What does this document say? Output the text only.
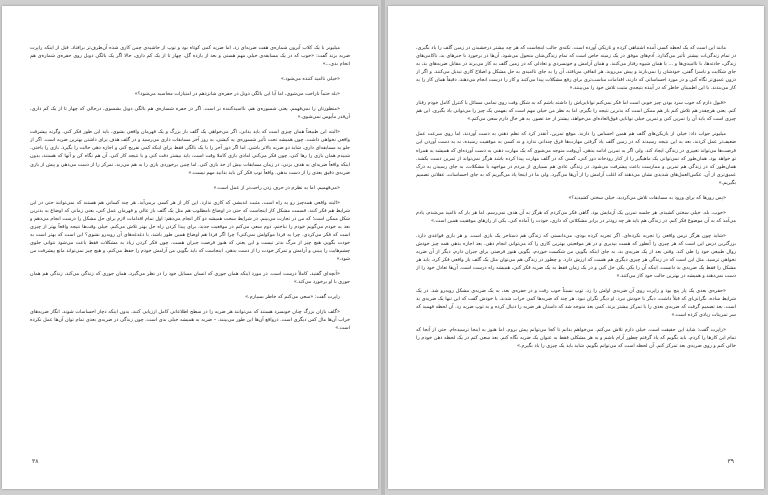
میلیونر با یک کلاب آیرون شماره‌ی هفت ضربه‌ای زد، اما ضربه کمی کوتاه بود و توپ از حاشیه‌ی چمن کاری شده آن‌طرف‌تر برافتاد. قبل از اینکه راپرت ضربه بزند گفت: «خوب که در یک مسابقه‌ی خیلی مهم هستی و بعد از یازده گل، چهار تا از یک کم داری، حالا اگر یک بالگی دوبل روی حفره‌ی شماره‌ی هم انجام بدی...»

«خیلی ناامید کننده می‌شود.»

«بله حتماً ناراحت می‌شوی، اما آیا این بالگی دوبل در حفره‌ی شانزدهم در امتیازات محاسبه می‌شود؟»

«منظورتان را نمی‌فهمم. یعنی شسوره‌ی هم، نااسیدکننده تر است. اگر در حفره شساره‌ی هم بالگی دوبل بشسوی، درحالی که چهار تا از یک کم داری، آن‌قدر مأیوس نمی‌شوی.»

«البته این طبیعتاً همان چیزی است که باید بدانی. اگر می‌خواهی یک گلف باز بزرگ و یک قهرمان واقعی بشوی، باید این طور فکر کنی. وگرنه پیشرفت واقعی نخواهی داشت. چون همیشه تحت تأثیر شسوره‌ی یه کیشی، به روز آخر مسابقات داری می‌رسید و در گلف هدف برای داشتن بهترین ضربه است. اگر از جلو به مسابقه‌ای داری، شاید دو ضربه بالاتر باشی. اما اگر دور آخر را با یک بالگی فقط برای اینکه کمی تفریح کنی و اجازه دهی حالت را بگیرد. بازی را باختی. شنیدم همان بازی را رها کنی، چون فکر می‌کنی امادی بازی کاملا وقت است، باید بیشتر دقت کنی و با نتیجه کار کنی. آن هم نگاه کن و آنها که هستند، بدون اینکه واقعاً ضربه‌ای به هدف بزنی، در زمان مسابقات بیش از حد بازی کنی. اما چنین برخوردی بازی را به هم می‌زند. تمرکز را از دست می‌دهی و پیش از بازی ضربه‌ی دقیق بعدی را از دست بدهی. واقعاً توپ فکر کن باید بدانید مهم نیست.»

«می‌فهمیم. اما به نظرم در حرف زدن راحت‌تر از عمل است.»

«البته واقعی همه‌چیز رو به راه است، مثبت اندیشی که کاری ندارد. این کار از هر کسی برمی‌آید. هر چند کسانی هم هستند که نمی‌توانند حتی در این شرایط هم فکر کنند. قسمت مشکل کار اینجاست که حتی در اوضاع نامطلوب هم مثل یک گلف باز عالی و قهرمان عمل کنی، یعنی زمانی که اوضاع به بدترین شکل ممکن است؛ که من در تجارت می‌بینم. در شرایط سخت همیشه دو کار انجام می‌دهم: اول تمام اقدامات لازم برای حل مشکل را درست انجام می‌دهم و بعد به خودم می‌گویم خودم را نباختم، دوم سعی می‌کنم در موقعیت جدید، برای پیدا کردن راه حل بهتر تلاش می‌کنم. خیلی وقت‌ها نتیجه واقعاً بهتر از چیزی است که فکر می‌کردی. چرا به فردا موکولش نمی‌کنی؟ چرا اگر فردا هم اوضاع همین طور باشد، با دغدغه‌های آن روبه‌رو نشوی؟ این است که بهتر است به خودت بگویی هیچ چیز از مرگ بدتر نیست و این یعنی که هنوز فرصت جبران هست. چون فکر کردن زیاد به مشکلات فقط باعث می‌شود نتوانی جلوی چشم‌هایت را ببینی و آرامش و تمرکز خودت را از دست بدهی. اینجاست که باید بگویی من آرامش خودم را حفظ می‌کنم، و هیچ چیز نمی‌تواند مانع پیشرفت من شود.»

«آنچه‌ای گفتید، کاملاً درست است. در مورد اینکه همان جوری که انسان مسایل خود را در نظر می‌گیرد، همان جوری که زندگی می‌کند، زندگی هم همان جوری با او برخورد می‌کند.»

راپرت گفت: «سعی می‌کنم که خاطر بسپارم.»

«گلف بازان بزرگ چنان خونسرد هستند که می‌توانند هر ضربه را در سطح اطلاعاتی کامل ارزیابی کنند، بدون اینکه دچار احساسات شوند. انگار ضربه‌های خراب آن‌ها مال کس دیگری است. درواقع آن‌ها این طور می‌بینند. – ضربه به همیشه خیلی بدی است. چون زندگی در ضربه‌ی بعدی تمام توان آن‌ها عمل نکرده است.»

۳۸

مانند این است که یک لحظه کسی آمده اشتباهی کرده و تاریکی آورده است. تکنه‌ی جالب اینجاست که هر چه بیشتر درخشیدن در زمین گلف را یاد بگیری، در تمام زندگی‌ات بیشتر تأثیر می‌گذارد. آدم‌های موفق در یک زمینه خاص است که تمام زندگی‌شان متحول می‌شود. آن‌ها در برخورد با خبرهای بد، ناکامی‌های زندگی، حادثه‌ها، با ناامیدی‌ها و ... با همان شیوه رفتار می‌کنند. و همان آرامش و خونسردی و تعادلی که در زمین گلف به کار می‌برند در مقابل ضربه‌های بد، به جای شکایت و ناسزا گفتن، خودشان را نمی‌بازند و پیش می‌روند. هر اتفاقی می‌افتد، آن را به جای ناامیدی به حل مشکل و اصلاح کاری تبدیل می‌کنند. و اگر از درون عمیق‌تر نگاه کنی و در مورد احساساتی که دارند، اقدامات مناسب‌تری برای رفع مشکلات پیدا می‌کنند و کار را درست انجام می‌دهند. دقیقاً همان کار را به کار می‌بندند. با این اطمینان خاطر که در آینده نتیجه‌ی مثبت تلاش خود را می‌بینند.»

«قبول دارم که خوب سرد بودن چیز خوبی است اما فکر نمی‌کنم توانایی‌اش را داشته باشم که به شکل وقت روی تمامی مسائل با کنترل کامل خودم رفتار کنم. یعنی هرچقدر هم تلاش کنم باز هم ممکن است که بدترین نتیجه را بگیرم. اما به نظر من خیلی مهم است که بفهمی یک چیز را می‌توانی یاد بگیری. این هم چیزی است که باید آن را تمرین کنی و تمرین خیلی توانایی فوق‌العاده‌ای می‌خواهد، بیشتر از حد تصور. به هر حال دارم سعی می‌کنم.»

میلیونر جواب داد: خیلی از بازیکن‌های گلف هم همین احساس را دارند. موقع تمرین، آنقدر کرد که نظم ذهنی به دست آوردند، اما روی سرعت عمل ضعیف‌تر عمل کردند، بعد به این نتیجه رسیدند که در زمین گلف یاد گرفتن مهارت‌ها فرق چندانی ندارد و نه کسی به موفقیت رسیده، نه به دست آوردن این فرصت‌ها می‌تواند تغییری در زندگی ایجاد کند. ولی اگر به تمرین ادامه بدهی، آن‌وقت متوجه می‌شوی که یک مهارت ذهنی به دست آورده‌ای که همیشه به همراه تو خواهد بود. همان‌طور که نمی‌توانی یک ماهیگیر را از کنار رودخانه دور کنی، کسی که در گلف مهارت پیدا کرده باشد هرگز نمی‌تواند از تمرین دست بکشد. همان‌طور که در زندگی هم تمرین و ممارست باعث پیشرفت می‌شود. در زندگی عادی هم بسیاری از مردم در مواجهه با مشکلات، به جای رسیدن به درک عمیق‌تری از آن، عکس‌العمل‌های شدیدی نشان می‌دهند که اغلب آرامش را از آن‌ها می‌گیرد. ولی ما در اینجا یاد می‌گیریم که به جای احساسات، عقلانی تصمیم بگیریم.»

«پس رورها که برای ورود به مسابقات تلاش می‌کردید، خیلی سختی کشیدید؟»

«خوب، بله. خیلی سختی کشیدم. هر جلسه تمرین یک آزمایش بود. گاهی فکر می‌کردم که هرگز به آن هدف نمی‌رسم. اما هر بار که ناامید می‌شدم، یادم می‌آمد که به آن موضوع فکر کنم. در زندگی هم باید هر چه زودتر در برابر مشکلاتی که داری، خودت را آماده کنی. یکی از رازهای موفقیت همین است.»

«شاید چون هرگز ترس واقعی را تجربه نکرده‌ای. اگر تجربه کرده بودی، می‌دانستی که زندگی هم دستاخر یک بازی است. و هر بازی قواعدی دارد. بزرگترین درس این است که هر چیزی را آنطور که هست بپذیری و در هر موقعیتی بهترین کاری را که می‌توانی انجام دهی. بعد اجازه بدهی همه چیز خودش روال طبیعی خود را طی کند. وقتی بعد از یک ضربه‌ی بد، به جای اینکه بگویی من شکست خوردم، بگویی هنوز فرصتی برای جبران دارم، دیگر از آن ضربه نخواهی ترسید. مثل این است که در زندگی هر چیزی دیگری هم هست که ارزش دارد. و چطور در زندگی هم می‌توان مثل یک گلف باز واقعی فکر کرد، باید هر مشکل را فقط یک ضربه‌ی بد دانست. اینکه آن را یکی یکی حل کنی و در یک زمان فقط به یک ضربه فکر کنی، همیشه راه درست است. آن‌ها تعادل خود را از دست نمی‌دهند و همیشه در بهترین حالت خود کار می‌کنند.»

«حفره‌ی بعدی یک پار پنج بود و راپرت روی آن ضربه‌ی اولش را زد. توپ نسبتاً خوب رفت و در حفره‌ی بعد، به یک ضربه‌ی مشکل روبه‌رو شد. در یک شرایط ساده، نگرانی‌ای که قبلاً داشت، دیگر با خودش نبرد. او دیگر نگران نبود. هر چند که ضربه‌ها کمی خراب شدند، با خودش گفت که این تنها یک ضربه‌ی بد است. بعد تصمیم گرفت که ضربه‌ی بعدی را با تمرکز بیشتر بزند. کمی بعد متوجه شد که داستان هر ضربه را دنبال کرده و به توپ ضربه زد. آن لحظه فهمید که سر تمرینات زیادی کرده است.»

«راپرت گفت: شاید این حقیقت است. خیلی دارم تلاش می‌کنم. می‌خواهم بدانم تا کجا می‌توانم پیش بروم. اما هنوز به اینجا نرسیده‌ام. حتی از آنجا که تمام این کارها را کردم، باید بگویم که یاد گرفتم چطور آرام باشم و به هر مشکلی فقط به عنوان یک ضربه نگاه کنم. بعد سعی کنم در یک لحظه ذهن خودم را خالی کنم و روی ضربه‌ی بعد تمرکز کنم. آن لحظه است که می‌توانم بگویم، شاید باید یک چیزی را یاد بگیرم.»

۳۹
